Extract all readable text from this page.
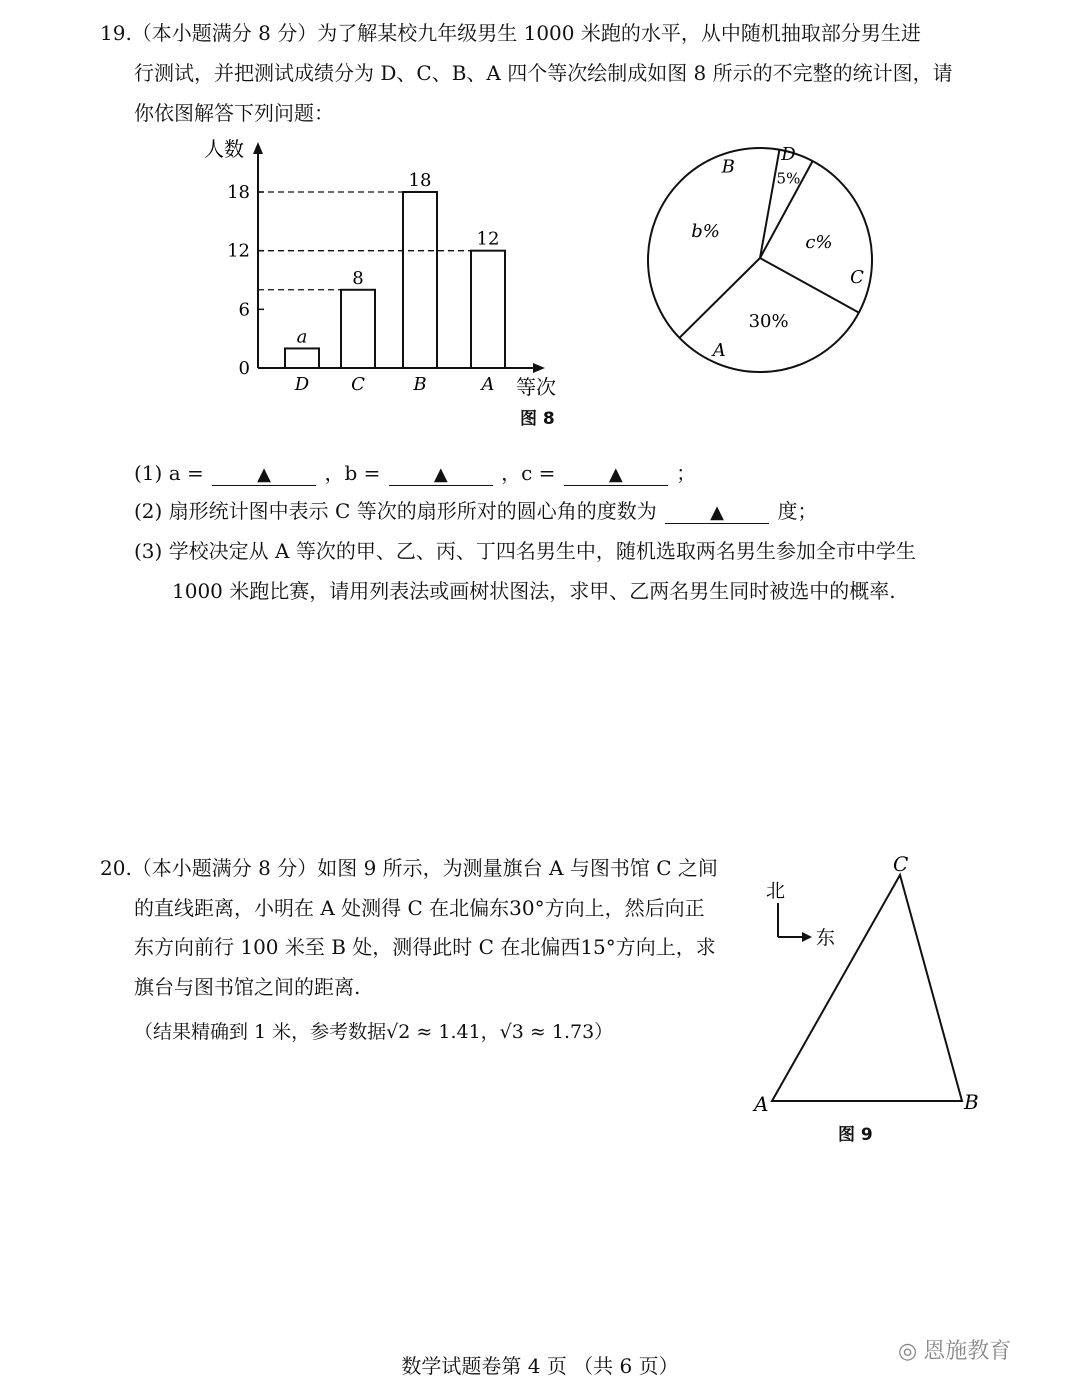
19.（本小题满分 8 分）为了解某校九年级男生 1000 米跑的水平，从中随机抽取部分男生进
行测试，并把测试成绩分为 D、C、B、A 四个等次绘制成如图 8 所示的不完整的统计图，请
你依图解答下列问题：
人数
等次
0
6
12
18
a
D
8
C
18
B
12
A
5%
D
c%
C
30%
A
b%
B
图 8
(1) a =	▲	，b =	▲	，c =	▲	；
(2) 扇形统计图中表示 C 等次的扇形所对的圆心角的度数为	▲	度；
(3) 学校决定从 A 等次的甲、乙、丙、丁四名男生中，随机选取两名男生参加全市中学生
1000 米跑比赛，请用列表法或画树状图法，求甲、乙两名男生同时被选中的概率.
20.（本小题满分 8 分）如图 9 所示，为测量旗台 A 与图书馆 C 之间
的直线距离，小明在 A 处测得 C 在北偏东30°方向上，然后向正
东方向前行 100 米至 B 处，测得此时 C 在北偏西15°方向上，求
旗台与图书馆之间的距离.
（结果精确到 1 米，参考数据√2 ≈ 1.41，√3 ≈ 1.73）
A	B
C
北
东
图 9
数学试题卷第 4 页 （共 6 页）
◎ 恩施教育
